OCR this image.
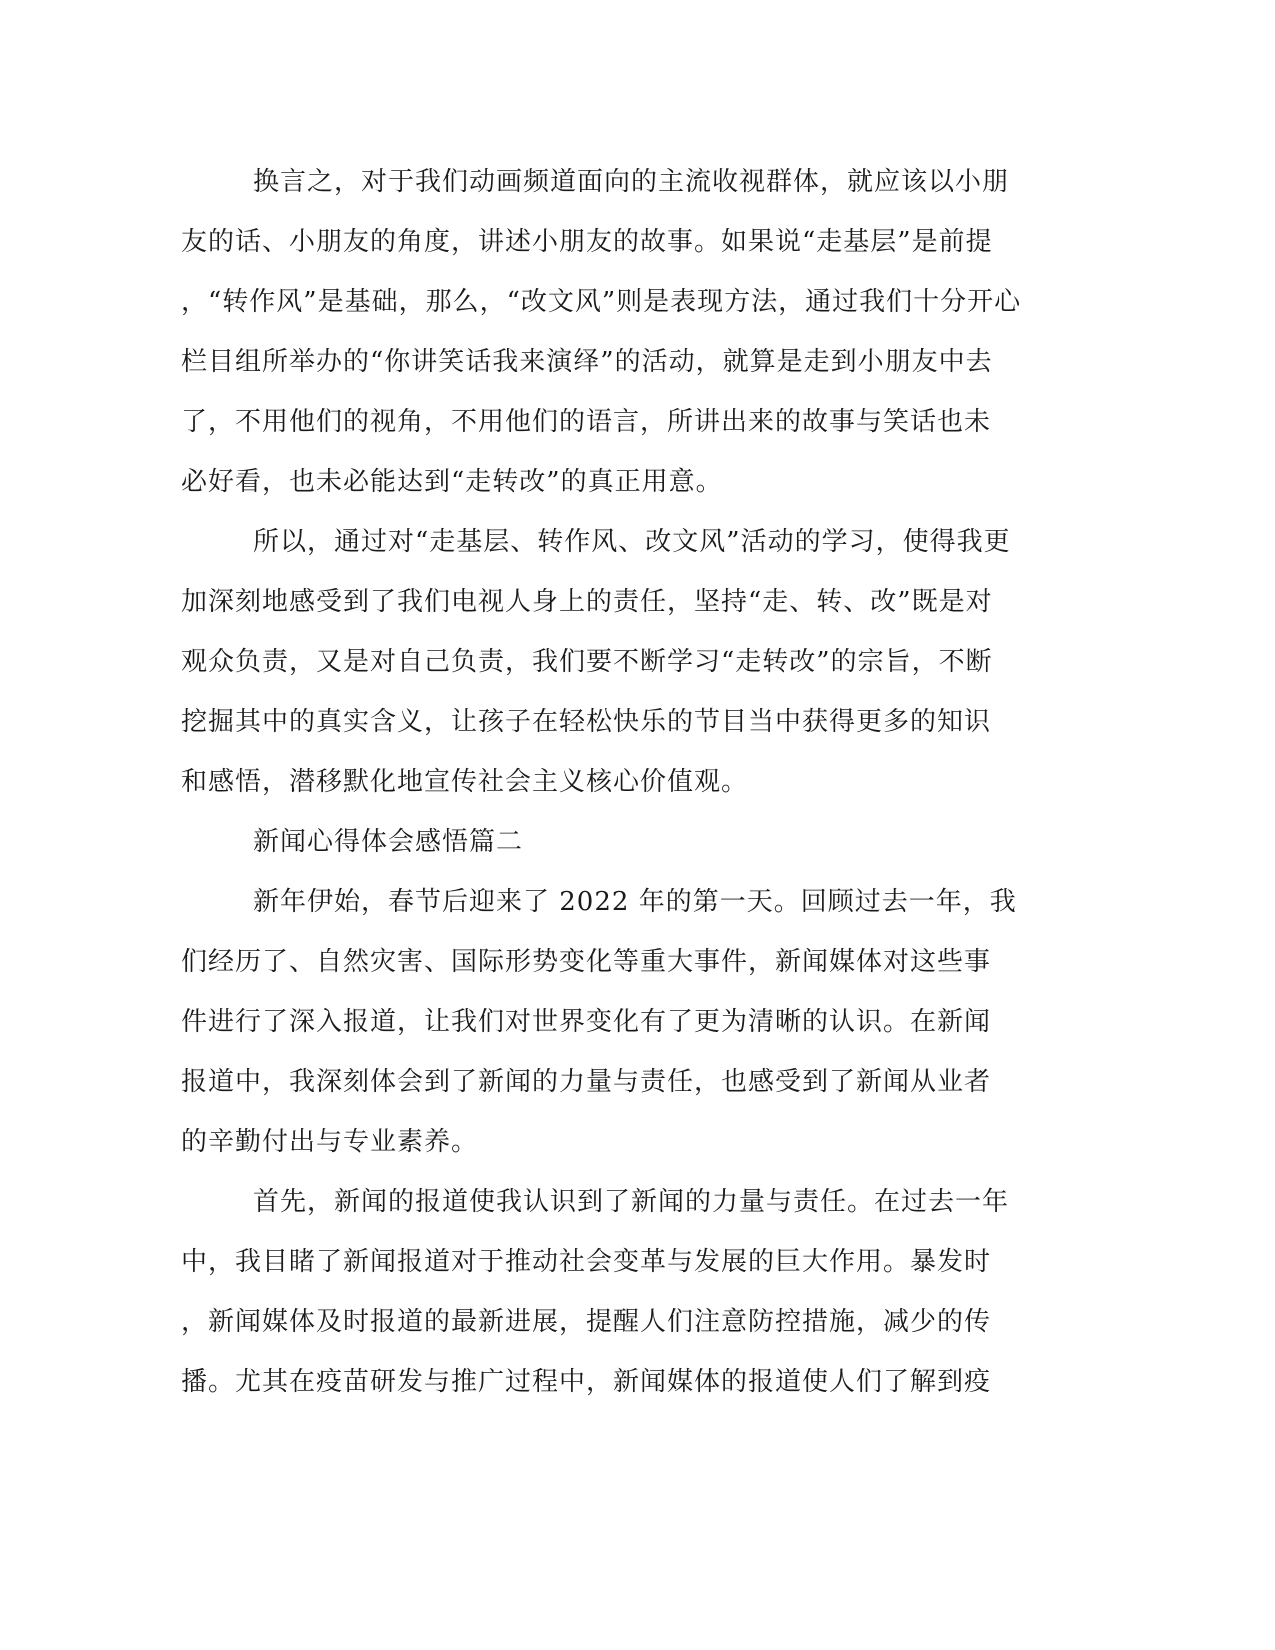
换言之，对于我们动画频道面向的主流收视群体，就应该以小朋
友的话、小朋友的角度，讲述小朋友的故事。如果说“走基层”是前提
，“转作风”是基础，那么，“改文风”则是表现方法，通过我们十分开心
栏目组所举办的“你讲笑话我来演绎”的活动，就算是走到小朋友中去
了，不用他们的视角，不用他们的语言，所讲出来的故事与笑话也未
必好看，也未必能达到“走转改”的真正用意。
所以，通过对“走基层、转作风、改文风”活动的学习，使得我更
加深刻地感受到了我们电视人身上的责任，坚持“走、转、改”既是对
观众负责，又是对自己负责，我们要不断学习“走转改”的宗旨，不断
挖掘其中的真实含义，让孩子在轻松快乐的节目当中获得更多的知识
和感悟，潜移默化地宣传社会主义核心价值观。
新闻心得体会感悟篇二
新年伊始，春节后迎来了 2022 年的第一天。回顾过去一年，我
们经历了、自然灾害、国际形势变化等重大事件，新闻媒体对这些事
件进行了深入报道，让我们对世界变化有了更为清晰的认识。在新闻
报道中，我深刻体会到了新闻的力量与责任，也感受到了新闻从业者
的辛勤付出与专业素养。
首先，新闻的报道使我认识到了新闻的力量与责任。在过去一年
中，我目睹了新闻报道对于推动社会变革与发展的巨大作用。暴发时
，新闻媒体及时报道的最新进展，提醒人们注意防控措施，减少的传
播。尤其在疫苗研发与推广过程中，新闻媒体的报道使人们了解到疫
